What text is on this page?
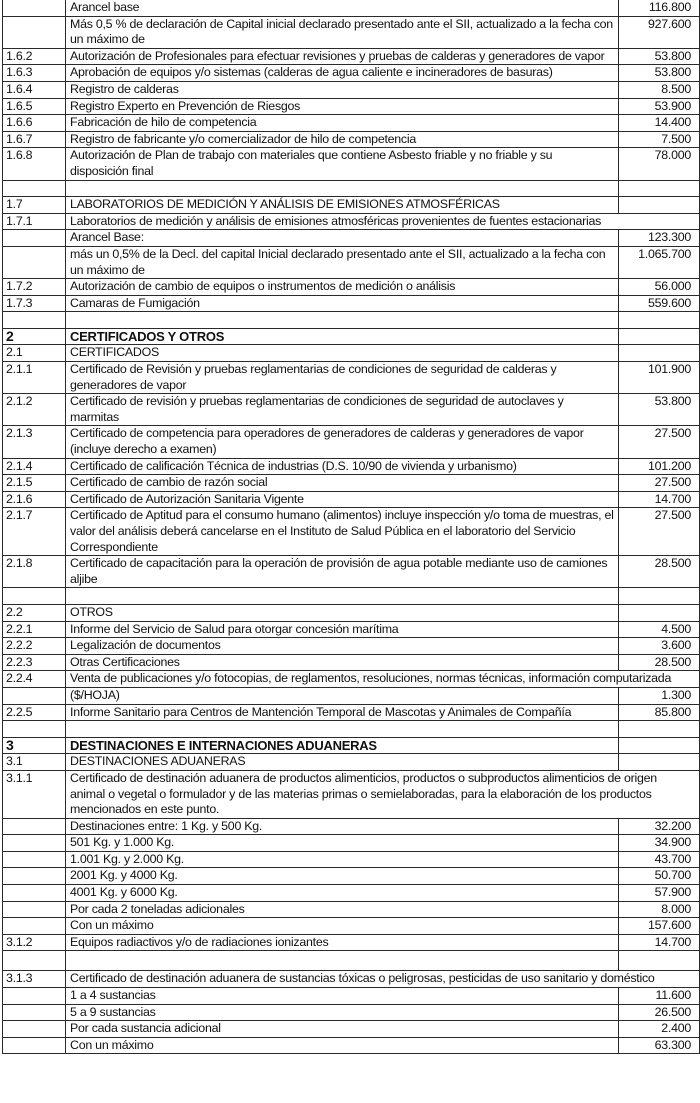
	Arancel base	116.800
	Más 0,5 % de declaración de Capital inicial declarado presentado ante el SII, actualizado a la fecha con un máximo de	927.600
1.6.2	Autorización de Profesionales para efectuar revisiones y pruebas de calderas y generadores de vapor	53.800
1.6.3	Aprobación de equipos y/o sistemas (calderas de agua caliente e incineradores de basuras)	53.800
1.6.4	Registro de calderas	8.500
1.6.5	Registro Experto en Prevención de Riesgos	53.900
1.6.6	Fabricación de hilo de competencia	14.400
1.6.7	Registro de fabricante y/o comercializador de hilo de competencia	7.500
1.6.8	Autorización de Plan de trabajo con materiales que contiene Asbesto friable y no friable y su disposición final	78.000

1.7	LABORATORIOS DE MEDICIÓN Y ANÁLISIS DE EMISIONES ATMOSFÉRICAS	
1.7.1	Laboratorios de medición y análisis de emisiones atmosféricas provenientes de fuentes estacionarias	
	Arancel Base:	123.300
	más un 0,5% de la Decl. del capital Inicial declarado presentado ante el SII, actualizado a la fecha con un máximo de	1.065.700
1.7.2	Autorización de cambio de equipos o instrumentos de medición o análisis	56.000
1.7.3	Camaras de Fumigación	559.600

2	CERTIFICADOS Y OTROS	
2.1	CERTIFICADOS	
2.1.1	Certificado de Revisión y pruebas reglamentarias de condiciones de seguridad de calderas y generadores de vapor	101.900
2.1.2	Certificado de revisión y pruebas reglamentarias de condiciones de seguridad de autoclaves y marmitas	53.800
2.1.3	Certificado de competencia para operadores de generadores de calderas y generadores de vapor (incluye derecho a examen)	27.500
2.1.4	Certificado de calificación Técnica de industrias (D.S. 10/90 de vivienda y urbanismo)	101.200
2.1.5	Certificado de cambio de razón social	27.500
2.1.6	Certificado de Autorización Sanitaria Vigente	14.700
2.1.7	Certificado de Aptitud para el consumo humano (alimentos) incluye inspección y/o toma de muestras, el valor del análisis deberá cancelarse en el Instituto de Salud Pública en el laboratorio del Servicio Correspondiente	27.500
2.1.8	Certificado de capacitación para la operación de provisión de agua potable mediante uso de camiones aljibe	28.500

2.2	OTROS	
2.2.1	Informe del Servicio de Salud para otorgar concesión marítima	4.500
2.2.2	Legalización de documentos	3.600
2.2.3	Otras Certificaciones	28.500
2.2.4	Venta de publicaciones y/o fotocopias, de reglamentos, resoluciones, normas técnicas, información computarizada	
	($/HOJA)	1.300
2.2.5	Informe Sanitario para Centros de Mantención Temporal de Mascotas y Animales de Compañía	85.800

3	DESTINACIONES E INTERNACIONES ADUANERAS	
3.1	DESTINACIONES ADUANERAS	
3.1.1	Certificado de destinación aduanera de productos alimenticios, productos o subproductos alimenticios de origen animal o vegetal o formulador y de las materias primas o semielaboradas, para la elaboración de los productos mencionados en este punto.	
	Destinaciones entre: 1 Kg. y 500 Kg.	32.200
	501 Kg. y 1.000 Kg.	34.900
	1.001 Kg. y 2.000 Kg.	43.700
	2001 Kg. y 4000 Kg.	50.700
	4001 Kg. y 6000 Kg.	57.900
	Por cada 2 toneladas adicionales	8.000
	Con un máximo	157.600
3.1.2	Equipos radiactivos y/o de radiaciones ionizantes	14.700

3.1.3	Certificado de destinación aduanera de sustancias tóxicas o peligrosas, pesticidas de uso sanitario y doméstico	
	1 a 4 sustancias	11.600
	5 a 9 sustancias	26.500
	Por cada sustancia adicional	2.400
	Con un máximo	63.300
